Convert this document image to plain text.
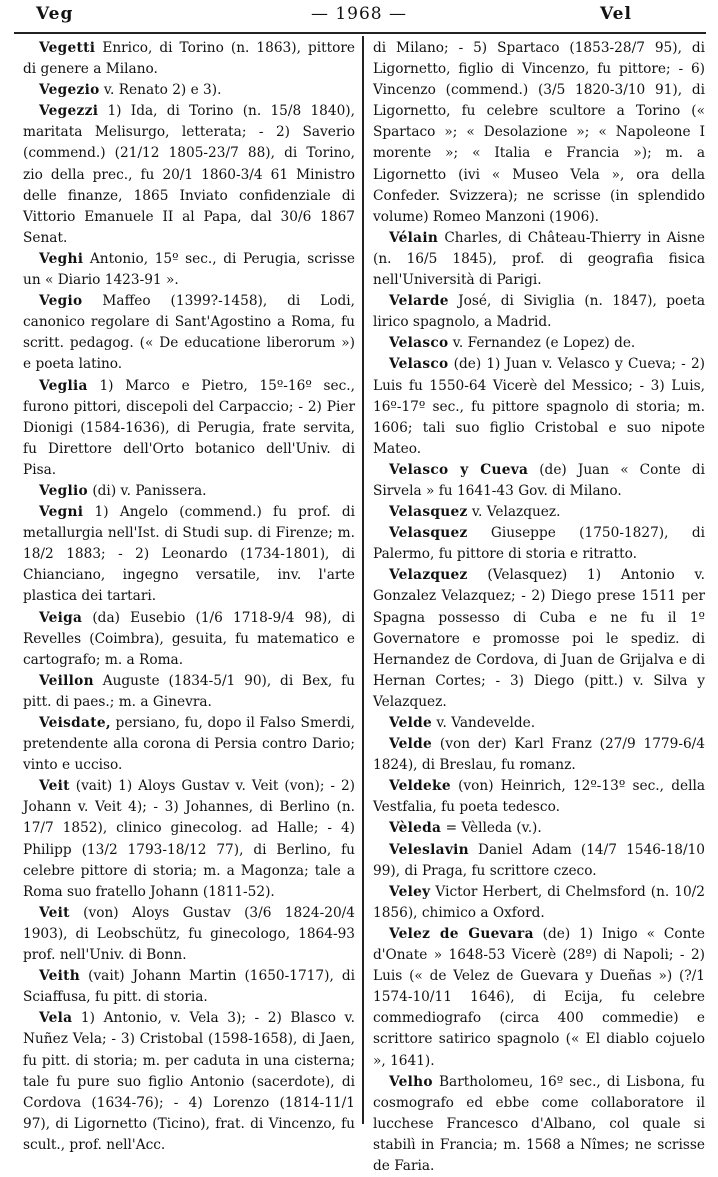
Veg	— 1968 —	Vel

Vegetti Enrico, di Torino (n. 1863), pittore di genere a Milano.

Vegezio v. Renato 2) e 3).

Vegezzi 1) Ida, di Torino (n. 15/8 1840), maritata Melisurgo, letterata; - 2) Saverio (commend.) (21/12 1805-23/7 88), di Torino, zio della prec., fu 20/1 1860-3/4 61 Ministro delle finanze, 1865 Inviato confidenziale di Vittorio Emanuele II al Papa, dal 30/6 1867 Senat.

Veghi Antonio, 15º sec., di Perugia, scrisse un « Diario 1423-91 ».

Vegio Maffeo (1399?-1458), di Lodi, canonico regolare di Sant'Agostino a Roma, fu scritt. pedagog. (« De educatione liberorum ») e poeta latino.

Veglia 1) Marco e Pietro, 15º-16º sec., furono pittori, discepoli del Carpaccio; - 2) Pier Dionigi (1584-1636), di Perugia, frate servita, fu Direttore dell'Orto botanico dell'Univ. di Pisa.

Veglio (di) v. Panissera.

Vegni 1) Angelo (commend.) fu prof. di metallurgia nell'Ist. di Studi sup. di Firenze; m. 18/2 1883; - 2) Leonardo (1734-1801), di Chianciano, ingegno versatile, inv. l'arte plastica dei tartari.

Veiga (da) Eusebio (1/6 1718-9/4 98), di Revelles (Coimbra), gesuita, fu matematico e cartografo; m. a Roma.

Veillon Auguste (1834-5/1 90), di Bex, fu pitt. di paes.; m. a Ginevra.

Veisdate, persiano, fu, dopo il Falso Smerdi, pretendente alla corona di Persia contro Dario; vinto e ucciso.

Veit (vait) 1) Aloys Gustav v. Veit (von); - 2) Johann v. Veit 4); - 3) Johannes, di Berlino (n. 17/7 1852), clinico ginecolog. ad Halle; - 4) Philipp (13/2 1793-18/12 77), di Berlino, fu celebre pittore di storia; m. a Magonza; tale a Roma suo fratello Johann (1811-52).

Veit (von) Aloys Gustav (3/6 1824-20/4 1903), di Leobschütz, fu ginecologo, 1864-93 prof. nell'Univ. di Bonn.

Veith (vait) Johann Martin (1650-1717), di Sciaffusa, fu pitt. di storia.

Vela 1) Antonio, v. Vela 3); - 2) Blasco v. Nuñez Vela; - 3) Cristobal (1598-1658), di Jaen, fu pitt. di storia; m. per caduta in una cisterna; tale fu pure suo figlio Antonio (sacerdote), di Cordova (1634-76); - 4) Lorenzo (1814-11/1 97), di Ligornetto (Ticino), frat. di Vincenzo, fu scult., prof. nell'Acc.

di Milano; - 5) Spartaco (1853-28/7 95), di Ligornetto, figlio di Vincenzo, fu pittore; - 6) Vincenzo (commend.) (3/5 1820-3/10 91), di Ligornetto, fu celebre scultore a Torino (« Spartaco »; « Desolazione »; « Napoleone I morente »; « Italia e Francia »); m. a Ligornetto (ivi « Museo Vela », ora della Confeder. Svizzera); ne scrisse (in splendido volume) Romeo Manzoni (1906).

Vélain Charles, di Château-Thierry in Aisne (n. 16/5 1845), prof. di geografia fisica nell'Università di Parigi.

Velarde José, di Siviglia (n. 1847), poeta lirico spagnolo, a Madrid.

Velasco v. Fernandez (e Lopez) de.

Velasco (de) 1) Juan v. Velasco y Cueva; - 2) Luis fu 1550-64 Vicerè del Messico; - 3) Luis, 16º-17º sec., fu pittore spagnolo di storia; m. 1606; tali suo figlio Cristobal e suo nipote Mateo.

Velasco y Cueva (de) Juan « Conte di Sirvela » fu 1641-43 Gov. di Milano.

Velasquez v. Velazquez.

Velasquez Giuseppe (1750-1827), di Palermo, fu pittore di storia e ritratto.

Velazquez (Velasquez) 1) Antonio v. Gonzalez Velazquez; - 2) Diego prese 1511 per Spagna possesso di Cuba e ne fu il 1º Governatore e promosse poi le spediz. di Hernandez de Cordova, di Juan de Grijalva e di Hernan Cortes; - 3) Diego (pitt.) v. Silva y Velazquez.

Velde v. Vandevelde.

Velde (von der) Karl Franz (27/9 1779-6/4 1824), di Breslau, fu romanz.

Veldeke (von) Heinrich, 12º-13º sec., della Vestfalia, fu poeta tedesco.

Vèleda = Vèlleda (v.).

Veleslavin Daniel Adam (14/7 1546-18/10 99), di Praga, fu scrittore czeco.

Veley Victor Herbert, di Chelmsford (n. 10/2 1856), chimico a Oxford.

Velez de Guevara (de) 1) Inigo « Conte d'Onate » 1648-53 Vicerè (28º) di Napoli; - 2) Luis (« de Velez de Guevara y Dueñas ») (?/1 1574-10/11 1646), di Ecija, fu celebre commediografo (circa 400 commedie) e scrittore satirico spagnolo (« El diablo cojuelo », 1641).

Velho Bartholomeu, 16º sec., di Lisbona, fu cosmografo ed ebbe come collaboratore il lucchese Francesco d'Albano, col quale si stabilì in Francia; m. 1568 a Nîmes; ne scrisse de Faria.
